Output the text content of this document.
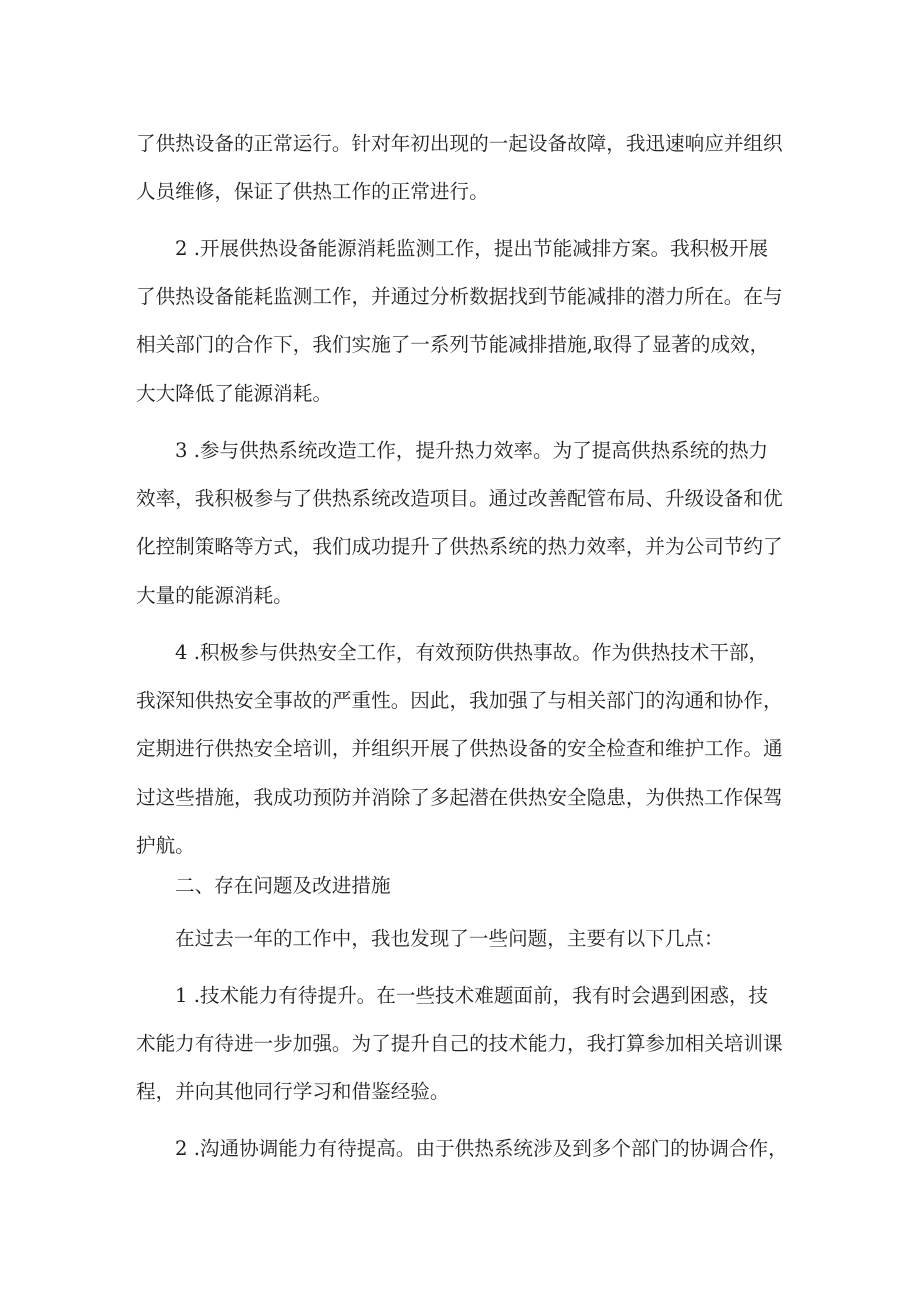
了供热设备的正常运行。针对年初出现的一起设备故障，我迅速响应并组织
人员维修，保证了供热工作的正常进行。
2 .开展供热设备能源消耗监测工作，提出节能减排方案。我积极开展
了供热设备能耗监测工作，并通过分析数据找到节能减排的潜力所在。在与
相关部门的合作下，我们实施了一系列节能减排措施,取得了显著的成效，
大大降低了能源消耗。
3 .参与供热系统改造工作，提升热力效率。为了提高供热系统的热力
效率，我积极参与了供热系统改造项目。通过改善配管布局、升级设备和优
化控制策略等方式，我们成功提升了供热系统的热力效率，并为公司节约了
大量的能源消耗。
4 .积极参与供热安全工作，有效预防供热事故。作为供热技术干部，
我深知供热安全事故的严重性。因此，我加强了与相关部门的沟通和协作，
定期进行供热安全培训，并组织开展了供热设备的安全检查和维护工作。通
过这些措施，我成功预防并消除了多起潜在供热安全隐患，为供热工作保驾
护航。
二、存在问题及改进措施
在过去一年的工作中，我也发现了一些问题，主要有以下几点：
1 .技术能力有待提升。在一些技术难题面前，我有时会遇到困惑，技
术能力有待进一步加强。为了提升自己的技术能力，我打算参加相关培训课
程，并向其他同行学习和借鉴经验。
2 .沟通协调能力有待提高。由于供热系统涉及到多个部门的协调合作，
